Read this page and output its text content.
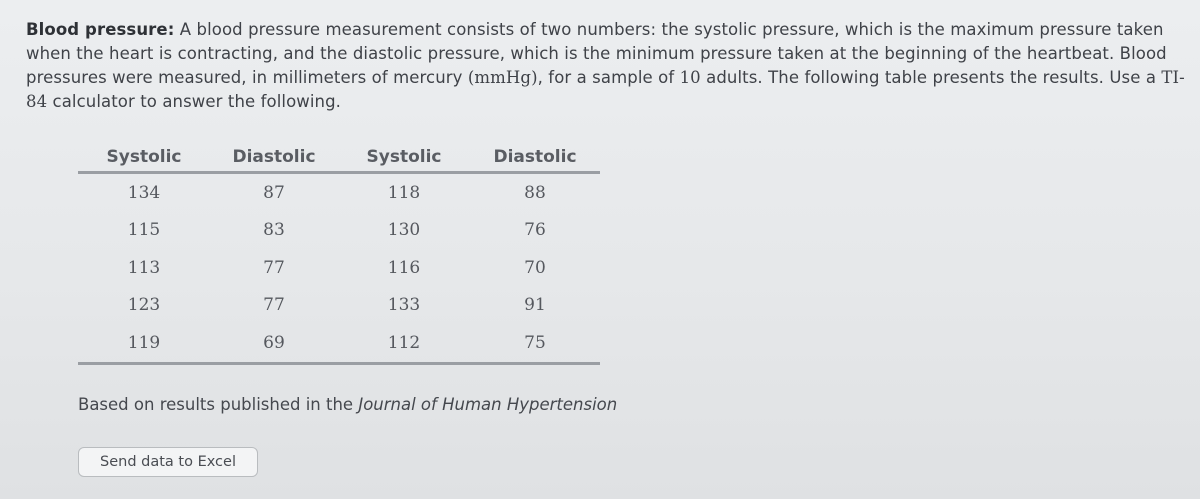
Blood pressure: A blood pressure measurement consists of two numbers: the systolic pressure, which is the maximum pressure taken when the heart is contracting, and the diastolic pressure, which is the minimum pressure taken at the beginning of the heartbeat. Blood pressures were measured, in millimeters of mercury (mmHg), for a sample of 10 adults. The following table presents the results. Use a TI-84 calculator to answer the following.
Systolic	Diastolic	Systolic	Diastolic
134	87	118	88
115	83	130	76
113	77	116	70
123	77	133	91
119	69	112	75
Based on results published in the Journal of Human Hypertension
Send data to Excel
